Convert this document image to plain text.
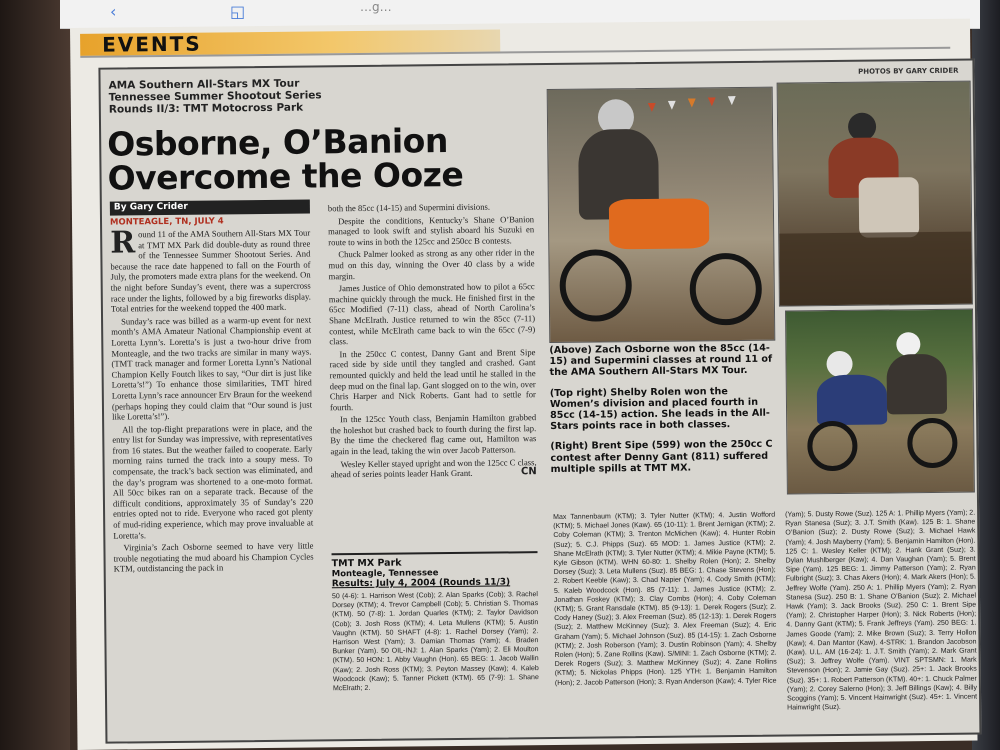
‹	◱	…g…
EVENTS
PHOTOS BY GARY CRIDER
AMA Southern All-Stars MX Tour
Tennessee Summer Shootout Series
Rounds II/3: TMT Motocross Park
Osborne, O’Banion
Overcome the Ooze
By Gary Crider
MONTEAGLE, TN, JULY 4

Round 11 of the AMA Southern All-Stars MX Tour at TMT MX Park did double-duty as round three of the Tennessee Summer Shootout Series. And because the race date happened to fall on the Fourth of July, the promoters made extra plans for the weekend. On the night before Sunday’s event, there was a supercross race under the lights, followed by a big fireworks display. Total entries for the weekend topped the 400 mark.

Sunday’s race was billed as a warm-up event for next month’s AMA Amateur National Championship event at Loretta Lynn’s. Loretta’s is just a two-hour drive from Monteagle, and the two tracks are similar in many ways. (TMT track manager and former Loretta Lynn’s National Champion Kelly Foutch likes to say, “Our dirt is just like Loretta’s!”) To enhance those similarities, TMT hired Loretta Lynn’s race announcer Erv Braun for the weekend (perhaps hoping they could claim that “Our sound is just like Loretta’s!”).

All the top-flight preparations were in place, and the entry list for Sunday was impressive, with representatives from 16 states. But the weather failed to cooperate. Early morning rains turned the track into a soupy mess. To compensate, the track’s back section was eliminated, and the day’s program was shortened to a one-moto format. All 50cc bikes ran on a separate track. Because of the difficult conditions, approximately 35 of Sunday’s 220 entries opted not to ride. Everyone who raced got plenty of mud-riding experience, which may prove invaluable at Loretta’s.

Virginia’s Zach Osborne seemed to have very little trouble negotiating the mud aboard his Champion Cycles KTM, outdistancing the pack in

both the 85cc (14-15) and Supermini divisions.

Despite the conditions, Kentucky’s Shane O’Banion managed to look swift and stylish aboard his Suzuki en route to wins in both the 125cc and 250cc B contests.

Chuck Palmer looked as strong as any other rider in the mud on this day, winning the Over 40 class by a wide margin.

James Justice of Ohio demonstrated how to pilot a 65cc machine quickly through the muck. He finished first in the 65cc Modified (7-11) class, ahead of North Carolina’s Shane McElrath. Justice returned to win the 85cc (7-11) contest, while McElrath came back to win the 65cc (7-9) class.

In the 250cc C contest, Danny Gant and Brent Sipe raced side by side until they tangled and crashed. Gant remounted quickly and held the lead until he stalled in the deep mud on the final lap. Gant slogged on to the win, over Chris Harper and Nick Roberts. Gant had to settle for fourth.

In the 125cc Youth class, Benjamin Hamilton grabbed the holeshot but crashed back to fourth during the first lap. By the time the checkered flag came out, Hamilton was again in the lead, taking the win over Jacob Patterson.

Wesley Keller stayed upright and won the 125cc C class, ahead of series points leader Hank Grant.	CN

TMT MX Park
Monteagle, Tennessee
Results: July 4, 2004 (Rounds 11/3)
50 (4-6): 1. Harrison West (Cob); 2. Alan Sparks (Cob); 3. Rachel Dorsey (KTM); 4. Trevor Campbell (Cob); 5. Christian S. Thomas (KTM). 50 (7-8): 1. Jordan Quarles (KTM); 2. Taylor Davidson (Cob); 3. Josh Ross (KTM); 4. Leta Mullens (KTM); 5. Austin Vaughn (KTM). 50 SHAFT (4-8): 1. Rachel Dorsey (Yam); 2. Harrison West (Yam); 3. Damian Thomas (Yam); 4. Braden Bunker (Yam). 50 OIL-INJ: 1. Alan Sparks (Yam); 2. Eli Moulton (KTM). 50 HON: 1. Abby Vaughn (Hon). 65 BEG: 1. Jacob Wallin (Kaw); 2. Josh Ross (KTM); 3. Peyton Massey (Kaw); 4. Kaleb Woodcock (Kaw); 5. Tanner Pickett (KTM). 65 (7-9): 1. Shane McElrath; 2.

(Above) Zach Osborne won the 85cc (14-15) and Supermini classes at round 11 of the AMA Southern All-Stars MX Tour.

(Top right) Shelby Rolen won the Women’s division and placed fourth in 85cc (14-15) action. She leads in the All-Stars points race in both classes.

(Right) Brent Sipe (599) won the 250cc C contest after Denny Gant (811) suffered multiple spills at TMT MX.

Max Tannenbaum (KTM); 3. Tyler Nutter (KTM); 4. Justin Wofford (KTM); 5. Michael Jones (Kaw). 65 (10-11): 1. Brent Jernigan (KTM); 2. Coby Coleman (KTM); 3. Trenton McMichen (Kaw); 4. Hunter Robin (Suz); 5. C.J. Phipps (Suz). 65 MOD: 1. James Justice (KTM); 2. Shane McElrath (KTM); 3. Tyler Nutter (KTM); 4. Mikie Payne (KTM); 5. Kyle Gibson (KTM). WHN 60-80: 1. Shelby Rolen (Hon); 2. Shelby Dorsey (Suz); 3. Leta Mullens (Suz). 85 BEG: 1. Chase Stevens (Hon); 2. Robert Keeble (Kaw); 3. Chad Napier (Yam); 4. Cody Smith (KTM); 5. Kaleb Woodcock (Hon). 85 (7-11): 1. James Justice (KTM); 2. Jonathan Foskey (KTM); 3. Clay Combs (Hon); 4. Coby Coleman (KTM); 5. Grant Ransdale (KTM). 85 (9-13): 1. Derek Rogers (Suz); 2. Cody Haney (Suz); 3. Alex Freeman (Suz). 85 (12-13): 1. Derek Rogers (Suz); 2. Matthew McKinney (Suz); 3. Alex Freeman (Suz); 4. Eric Graham (Yam); 5. Michael Johnson (Suz). 85 (14-15): 1. Zach Osborne (KTM); 2. Josh Roberson (Yam); 3. Dustin Robinson (Yam); 4. Shelby Rolen (Hon); 5. Zane Rollins (Kaw). S/MINI: 1. Zach Osborne (KTM); 2. Derek Rogers (Suz); 3. Matthew McKinney (Suz); 4. Zane Rollins (KTM); 5. Nickolas Phipps (Hon). 125 YTH: 1. Benjamin Hamilton (Hon); 2. Jacob Patterson (Hon); 3. Ryan Anderson (Kaw); 4. Tyler Rice
(Yam); 5. Dusty Rowe (Suz). 125 A: 1. Phillip Myers (Yam); 2. Ryan Stanesa (Suz); 3. J.T. Smith (Kaw). 125 B: 1. Shane O’Banion (Suz); 2. Dusty Rowe (Suz); 3. Michael Hawk (Yam); 4. Josh Mayberry (Yam); 5. Benjamin Hamilton (Hon). 125 C: 1. Wesley Keller (KTM); 2. Hank Grant (Suz); 3. Dylan Mushlberger (Kaw); 4. Dan Vaughan (Yam); 5. Brent Sipe (Yam). 125 BEG: 1. Jimmy Patterson (Yam); 2. Ryan Fulbright (Suz); 3. Chas Akers (Hon); 4. Mark Akers (Hon); 5. Jeffrey Wolfe (Yam). 250 A: 1. Phillip Myers (Yam); 2. Ryan Stanesa (Suz). 250 B: 1. Shane O’Banion (Suz); 2. Michael Hawk (Yam); 3. Jack Brooks (Suz). 250 C: 1. Brent Sipe (Yam); 2. Christopher Harper (Hon); 3. Nick Roberts (Hon); 4. Danny Gant (KTM); 5. Frank Jeffreys (Yam). 250 BEG: 1. James Goode (Yam); 2. Mike Brown (Suz); 3. Terry Hollon (Kaw); 4. Dan Mantor (Kaw). 4-STRK: 1. Brandon Jacobson (Kaw). U.L. AM (16-24): 1. J.T. Smith (Yam); 2. Mark Grant (Suz); 3. Jeffrey Wolfe (Yam). VINT SPTSMN: 1. Mark Stevenson (Hon); 2. Jamie Gay (Suz). 25+: 1. Jack Brooks (Suz). 35+: 1. Robert Patterson (KTM). 40+: 1. Chuck Palmer (Yam); 2. Corey Salerno (Hon); 3. Jeff Billings (Kaw); 4. Billy Scoggins (Yam); 5. Vincent Hainwright (Suz). 45+: 1. Vincent Hainwright (Suz).
